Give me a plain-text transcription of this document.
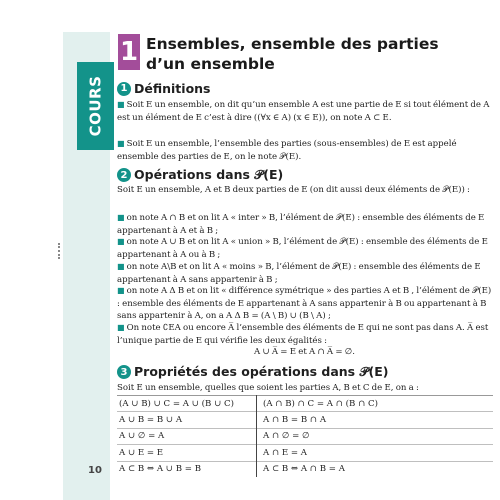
COURS
10
1 Ensembles, ensemble des parties d’un ensemble
1 Définitions
■ Soit E un ensemble, on dit qu’un ensemble A est une partie de E si tout élément de A est un élément de E c’est à dire ((∀x ∈ A) (x ∈ E)), on note A ⊂ E.
■ Soit E un ensemble, l’ensemble des parties (sous-ensembles) de E est appelé ensemble des parties de E, on le note 𝒫(E).
2 Opérations dans 𝒫(E)
Soit E un ensemble, A et B deux parties de E (on dit aussi deux éléments de 𝒫(E)) :
■ on note A ∩ B et on lit A « inter » B, l’élément de 𝒫(E) : ensemble des éléments de E appartenant à A et à B ;
■ on note A ∪ B et on lit A « union » B, l’élément de 𝒫(E) : ensemble des éléments de E appartenant à A ou à B ;
■ on note A\B et on lit A « moins » B, l’élément de 𝒫(E) : ensemble des éléments de E appartenant à A sans appartenir à B ;
■ on note A Δ B et on lit « différence symétrique » des parties A et B , l’élément de 𝒫(E) : ensemble des éléments de E appartenant à A sans appartenir à B ou appartenant à B sans appartenir à A, on a A Δ B = (A \ B) ∪ (B \ A) ;
■ On note ∁EA ou encore A̅ l’ensemble des éléments de E qui ne sont pas dans A. A̅ est l’unique partie de E qui vérifie les deux égalités :
A ∪ A̅ = E et A ∩ A̅ = ∅.
3 Propriétés des opérations dans 𝒫(E)
Soit E un ensemble, quelles que soient les parties A, B et C de E, on a :
(A ∪ B) ∪ C = A ∪ (B ∪ C)	(A ∩ B) ∩ C = A ∩ (B ∩ C)
A ∪ B = B ∪ A	A ∩ B = B ∩ A
A ∪ ∅ = A	A ∩ ∅ = ∅
A ∪ E = E	A ∩ E = A
A ⊂ B ⇔ A ∪ B = B	A ⊂ B ⇔ A ∩ B = A
